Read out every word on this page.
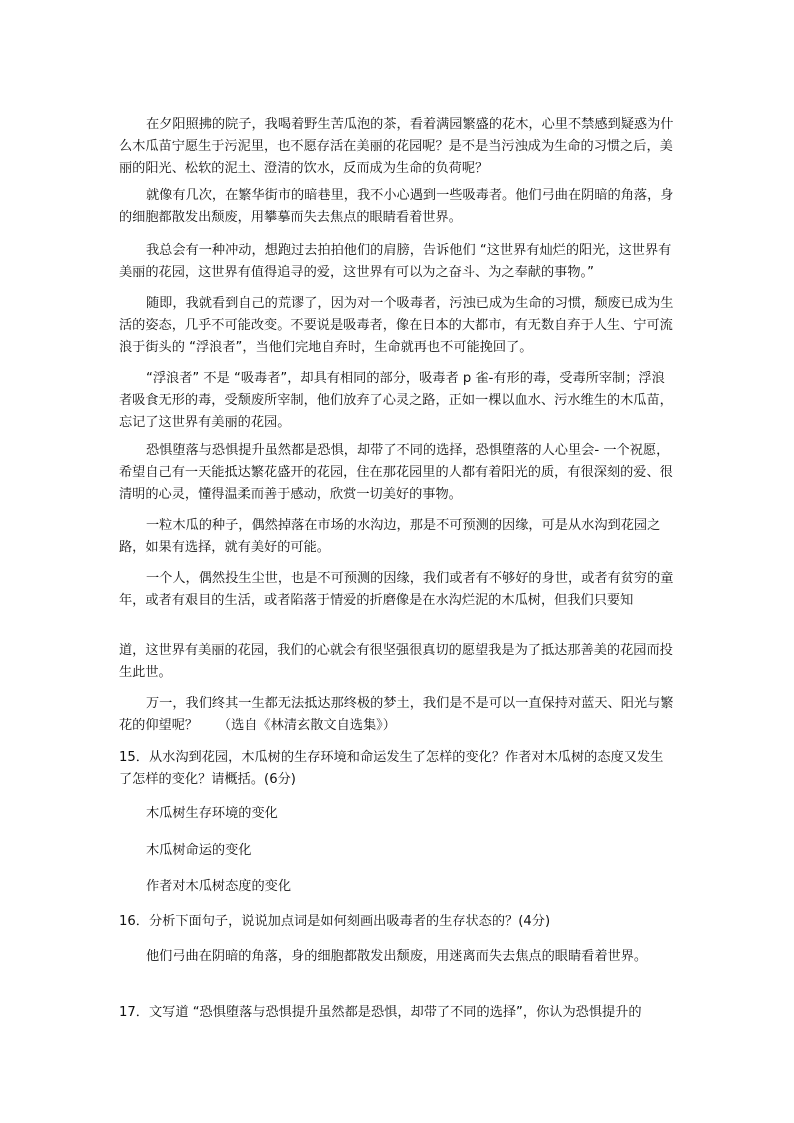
在夕阳照拂的院子，我喝着野生苦瓜泡的茶，看着满园繁盛的花木，心里不禁感到疑惑为什么木瓜苗宁愿生于污泥里，也不愿存活在美丽的花园呢？是不是当污浊成为生命的习惯之后，美丽的阳光、松软的泥土、澄清的饮水，反而成为生命的负荷呢？
就像有几次，在繁华街市的暗巷里，我不小心遇到一些吸毒者。他们弓曲在阴暗的角落，身的细胞都散发出颓废，用攀摹而失去焦点的眼睛看着世界。
我总会有一种冲动，想跑过去拍拍他们的肩膀，告诉他们 “这世界有灿烂的阳光，这世界有美丽的花园，这世界有值得追寻的爱，这世界有可以为之奋斗、为之奉献的事物。”
随即，我就看到自己的荒谬了，因为对一个吸毒者，污浊已成为生命的习惯，颓废已成为生活的姿态，几乎不可能改变。不要说是吸毒者，像在日本的大都市，有无数自弃于人生、宁可流浪于街头的 “浮浪者”，当他们完地自弃时，生命就再也不可能挽回了。
“浮浪者” 不是 “吸毒者”，却具有相同的部分，吸毒者 p 雀-有形的毒，受毒所宰制；浮浪者吸食无形的毒，受颓废所宰制，他们放弃了心灵之路，正如一棵以血水、污水维生的木瓜苗，忘记了这世界有美丽的花园。
恐惧堕落与恐惧提升虽然都是恐惧，却带了不同的选择，恐惧堕落的人心里会- 一个祝愿，希望自己有一天能抵达繁花盛开的花园，住在那花园里的人都有着阳光的质，有很深刻的爱、很清明的心灵，懂得温柔而善于感动，欣赏一切美好的事物。
一粒木瓜的种子，偶然掉落在市场的水沟边，那是不可预测的因缘，可是从水沟到花园之路，如果有选择，就有美好的可能。
一个人，偶然投生尘世，也是不可预测的因缘，我们或者有不够好的身世，或者有贫穷的童年，或者有艰目的生活，或者陷落于情爱的折磨像是在水沟烂泥的木瓜树，但我们只要知
道，这世界有美丽的花园，我们的心就会有很坚强很真切的愿望我是为了抵达那善美的花园而投生此世。
万一，我们终其一生都无法抵达那终极的梦土，我们是不是可以一直保持对蓝天、阳光与繁花的仰望呢？　　（选自《林清玄散文自选集》）
15．从水沟到花园，木瓜树的生存环境和命运发生了怎样的变化？作者对木瓜树的态度又发生了怎样的变化？请概括。(6分)
木瓜树生存环境的变化
木瓜树命运的变化
作者对木瓜树态度的变化
16．分析下面句子，说说加点词是如何刻画出吸毒者的生存状态的？(4分)
他们弓曲在阴暗的角落，身的细胞都散发出颓废，用迷离而失去焦点的眼睛看着世界。
17．文写道 “恐惧堕落与恐惧提升虽然都是恐惧，却带了不同的选择”，你认为恐惧提升的
